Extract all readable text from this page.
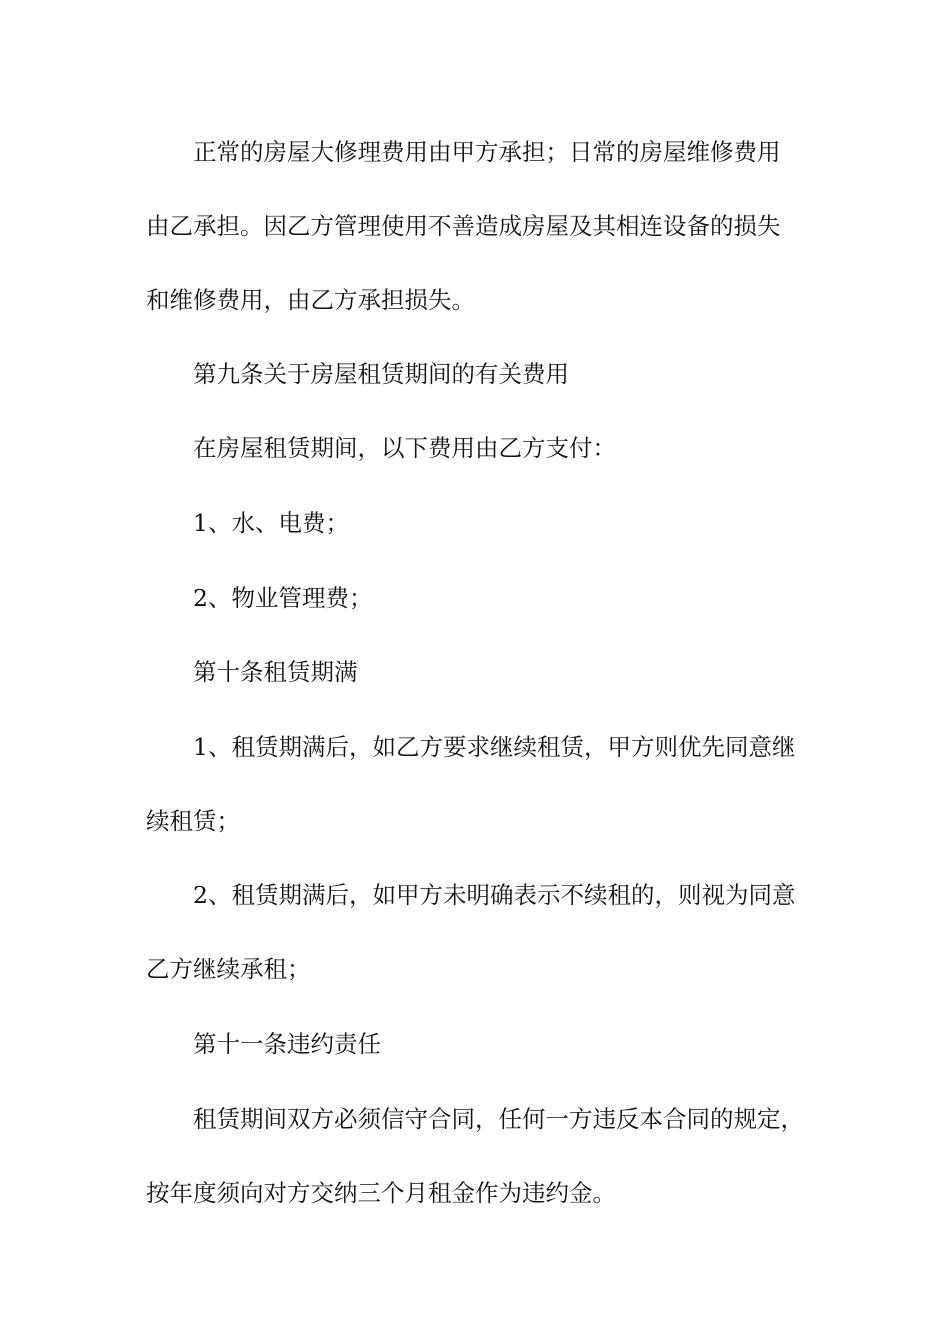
正常的房屋大修理费用由甲方承担；日常的房屋维修费用
由乙承担。因乙方管理使用不善造成房屋及其相连设备的损失
和维修费用，由乙方承担损失。
第九条关于房屋租赁期间的有关费用
在房屋租赁期间，以下费用由乙方支付：
1、水、电费；
2、物业管理费；
第十条租赁期满
1、租赁期满后，如乙方要求继续租赁，甲方则优先同意继
续租赁；
2、租赁期满后，如甲方未明确表示不续租的，则视为同意
乙方继续承租；
第十一条违约责任
租赁期间双方必须信守合同，任何一方违反本合同的规定，
按年度须向对方交纳三个月租金作为违约金。
